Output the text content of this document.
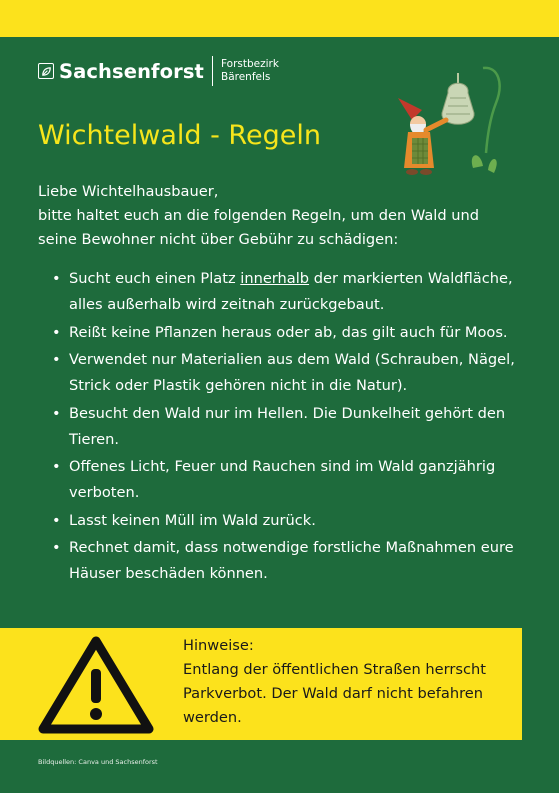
Sachsenforst Forstbezirk
Bärenfels
Wichtelwald - Regeln
Liebe Wichtelhausbauer,
bitte haltet euch an die folgenden Regeln, um den Wald und
seine Bewohner nicht über Gebühr zu schädigen:
• Sucht euch einen Platz innerhalb der markierten Waldfläche, alles außerhalb wird zeitnah zurückgebaut.
• Reißt keine Pflanzen heraus oder ab, das gilt auch für Moos.
• Verwendet nur Materialien aus dem Wald (Schrauben, Nägel, Strick oder Plastik gehören nicht in die Natur).
• Besucht den Wald nur im Hellen. Die Dunkelheit gehört den Tieren.
• Offenes Licht, Feuer und Rauchen sind im Wald ganzjährig verboten.
• Lasst keinen Müll im Wald zurück.
• Rechnet damit, dass notwendige forstliche Maßnahmen eure Häuser beschäden können.
Hinweise:
Entlang der öffentlichen Straßen herrscht
Parkverbot. Der Wald darf nicht befahren
werden.
Bildquellen: Canva und Sachsenforst
